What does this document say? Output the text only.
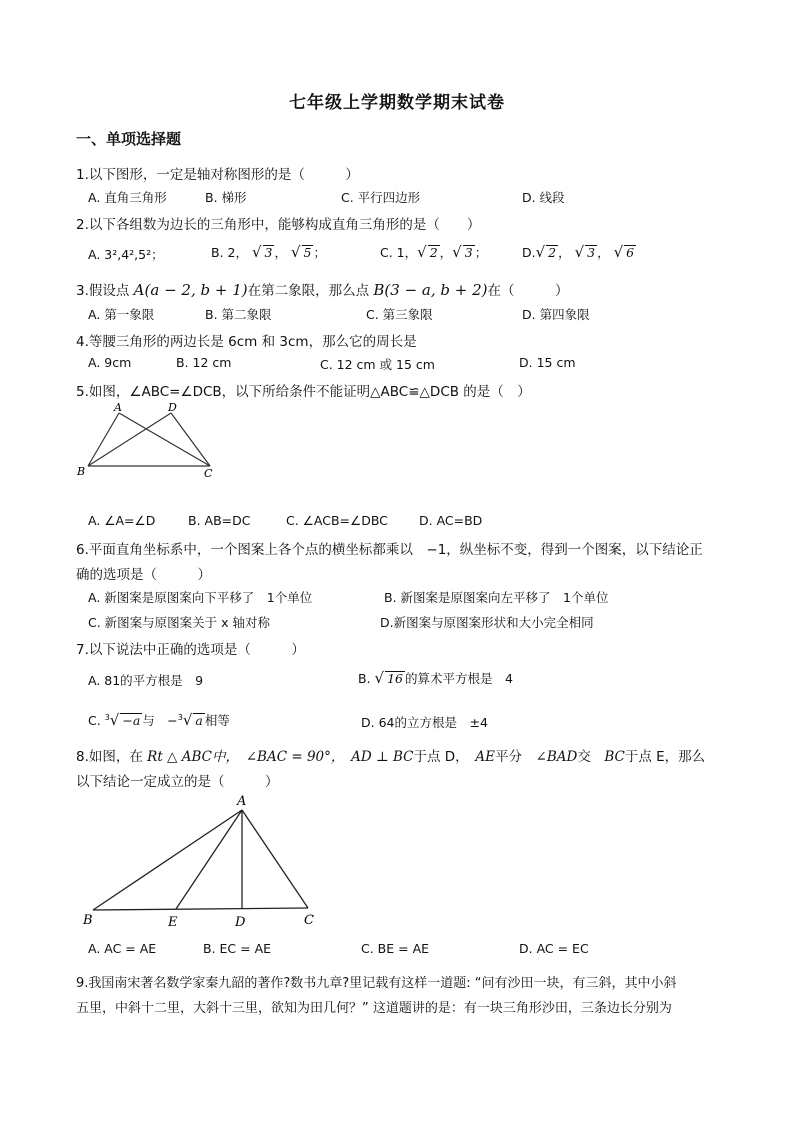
七年级上学期数学期末试卷
一、单项选择题
1.以下图形，一定是轴对称图形的是（　　　）
A. 直角三角形	B. 梯形	C. 平行四边形	D. 线段
2.以下各组数为边长的三角形中，能够构成直角三角形的是（　　）
A. 3²,4²,5²；	B. 2， √ 3 ， √ 5 ；	C. 1，√ 2 ，√ 3 ；	D.√ 2 ， √ 3 ， √ 6
3.假设点 A(a − 2, b + 1)在第二象限，那么点 B(3 − a, b + 2)在（　　　）
A. 第一象限	B. 第二象限	C. 第三象限	D. 第四象限
4.等腰三角形的两边长是 6cm 和 3cm，那么它的周长是
A. 9cm	B. 12 cm	C. 12 cm 或 15 cm	D. 15 cm
5.如图，∠ABC=∠DCB，以下所给条件不能证明△ABC≌△DCB 的是（　）
A	D
B	C
A. ∠A=∠D	B. AB=DC	C. ∠ACB=∠DBC D. AC=BD
6.平面直角坐标系中，一个图案上各个点的横坐标都乘以　−1，纵坐标不变，得到一个图案，以下结论正
确的选项是（　　　）
A. 新图案是原图案向下平移了　1个单位	B. 新图案是原图案向左平移了　1个单位
C. 新图案与原图案关于 x 轴对称	D.新图案与原图案形状和大小完全相同
7.以下说法中正确的选项是（　　　）
A. 81的平方根是　9	B. √ 16 的算术平方根是　4
C. $^3$√ −a 与　−$^3$√ a 相等	D. 64的立方根是　±4
8.如图，在 Rt △ ABC中，　∠BAC = 90°，　AD ⊥ BC于点 D，　AE平分　∠BAD交　BC于点 E，那么
以下结论一定成立的是（　　　）
A
B	E	D	C
A. AC = AE	B. EC = AE	C. BE = AE	D. AC = EC
9.我国南宋著名数学家秦九韶的著作?数书九章?里记载有这样一道题: “问有沙田一块，有三斜，其中小斜
五里，中斜十二里，大斜十三里，欲知为田几何？” 这道题讲的是：有一块三角形沙田，三条边长分别为
